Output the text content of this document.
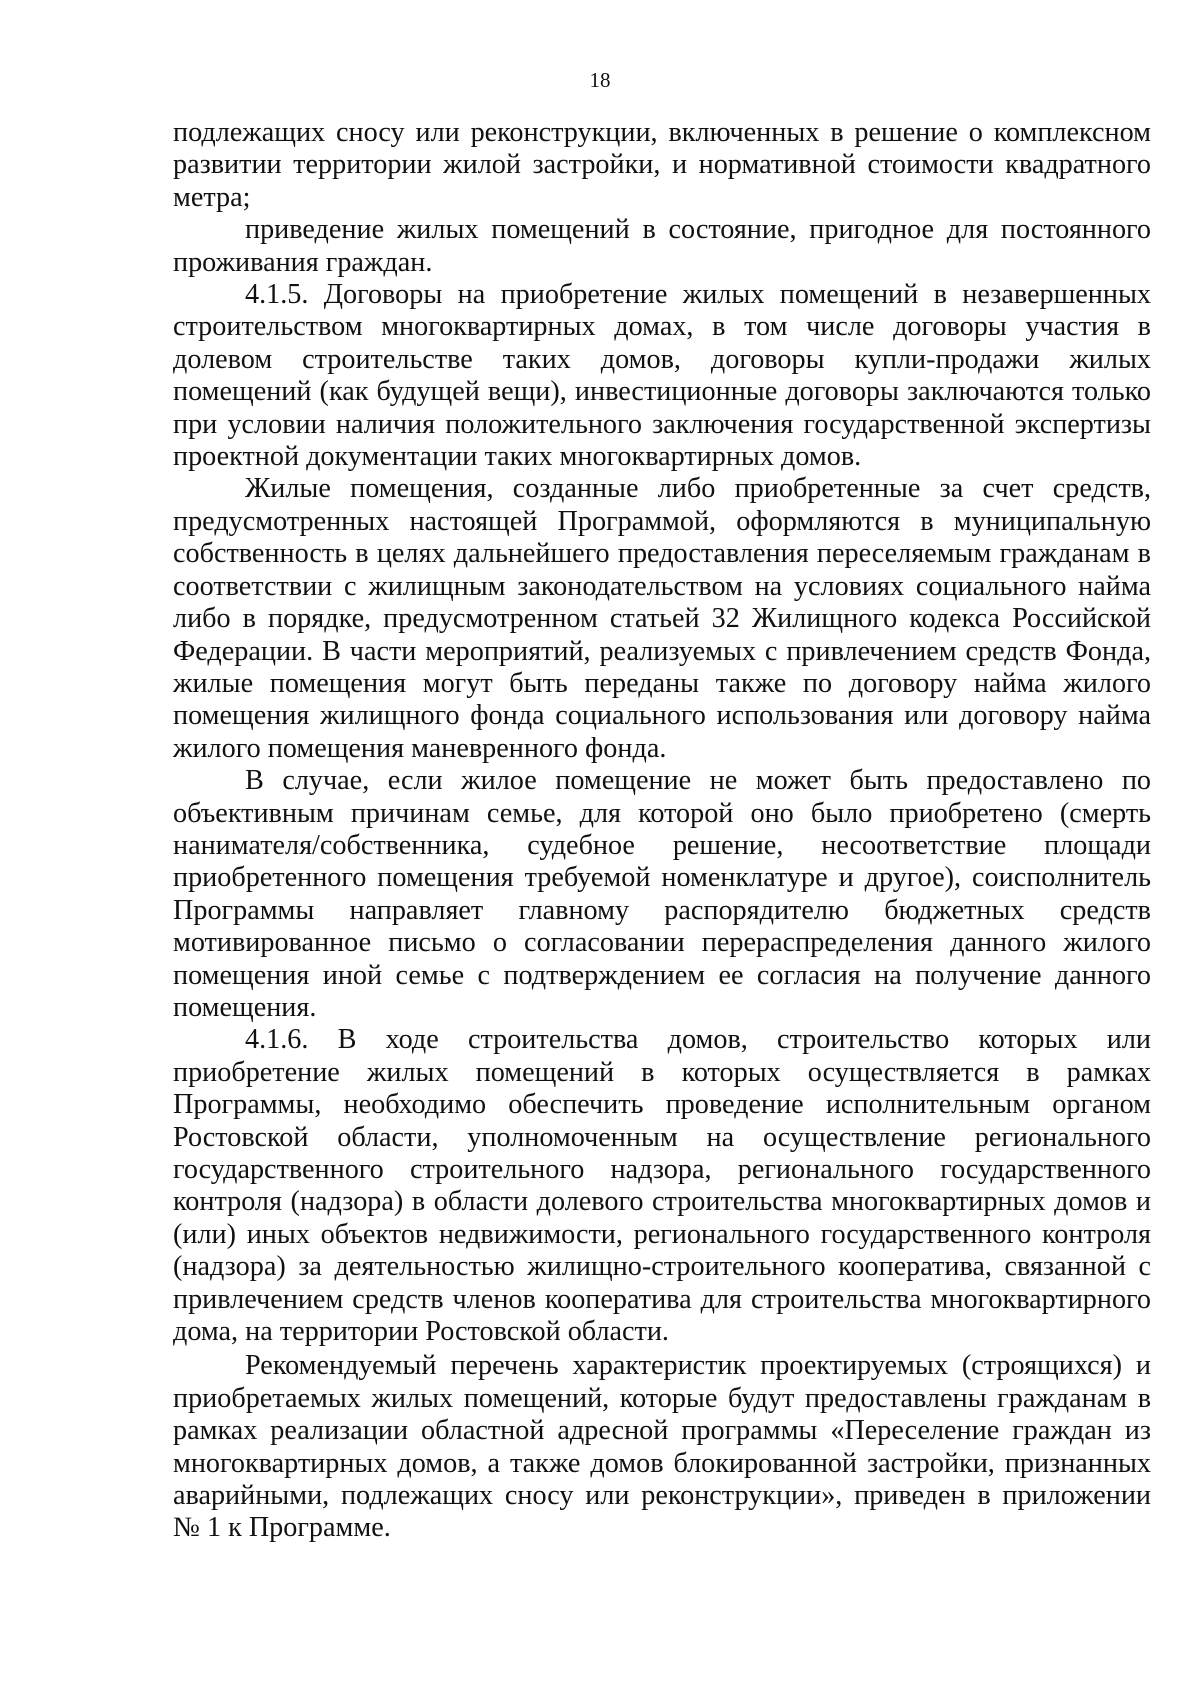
18

подлежащих сносу или реконструкции, включенных в решение о комплексном развитии территории жилой застройки, и нормативной стоимости квадратного метра;

приведение жилых помещений в состояние, пригодное для постоянного проживания граждан.

4.1.5. Договоры на приобретение жилых помещений в незавершенных строительством многоквартирных домах, в том числе договоры участия в долевом строительстве таких домов, договоры купли-продажи жилых помещений (как будущей вещи), инвестиционные договоры заключаются только при условии наличия положительного заключения государственной экспертизы проектной документации таких многоквартирных домов.

Жилые помещения, созданные либо приобретенные за счет средств, предусмотренных настоящей Программой, оформляются в муниципальную собственность в целях дальнейшего предоставления переселяемым гражданам в соответствии с жилищным законодательством на условиях социального найма либо в порядке, предусмотренном статьей 32 Жилищного кодекса Российской Федерации. В части мероприятий, реализуемых с привлечением средств Фонда, жилые помещения могут быть переданы также по договору найма жилого помещения жилищного фонда социального использования или договору найма жилого помещения маневренного фонда.

В случае, если жилое помещение не может быть предоставлено по объективным причинам семье, для которой оно было приобретено (смерть нанимателя/собственника, судебное решение, несоответствие площади приобретенного помещения требуемой номенклатуре и другое), соисполнитель Программы направляет главному распорядителю бюджетных средств мотивированное письмо о согласовании перераспределения данного жилого помещения иной семье с подтверждением ее согласия на получение данного помещения.

4.1.6. В ходе строительства домов, строительство которых или приобретение жилых помещений в которых осуществляется в рамках Программы, необходимо обеспечить проведение исполнительным органом Ростовской области, уполномоченным на осуществление регионального государственного строительного надзора, регионального государственного контроля (надзора) в области долевого строительства многоквартирных домов и (или) иных объектов недвижимости, регионального государственного контроля (надзора) за деятельностью жилищно-строительного кооператива, связанной с привлечением средств членов кооператива для строительства многоквартирного дома, на территории Ростовской области.

Рекомендуемый перечень характеристик проектируемых (строящихся) и приобретаемых жилых помещений, которые будут предоставлены гражданам в рамках реализации областной адресной программы «Переселение граждан из многоквартирных домов, а также домов блокированной застройки, признанных аварийными, подлежащих сносу или реконструкции», приведен в приложении № 1 к Программе.
